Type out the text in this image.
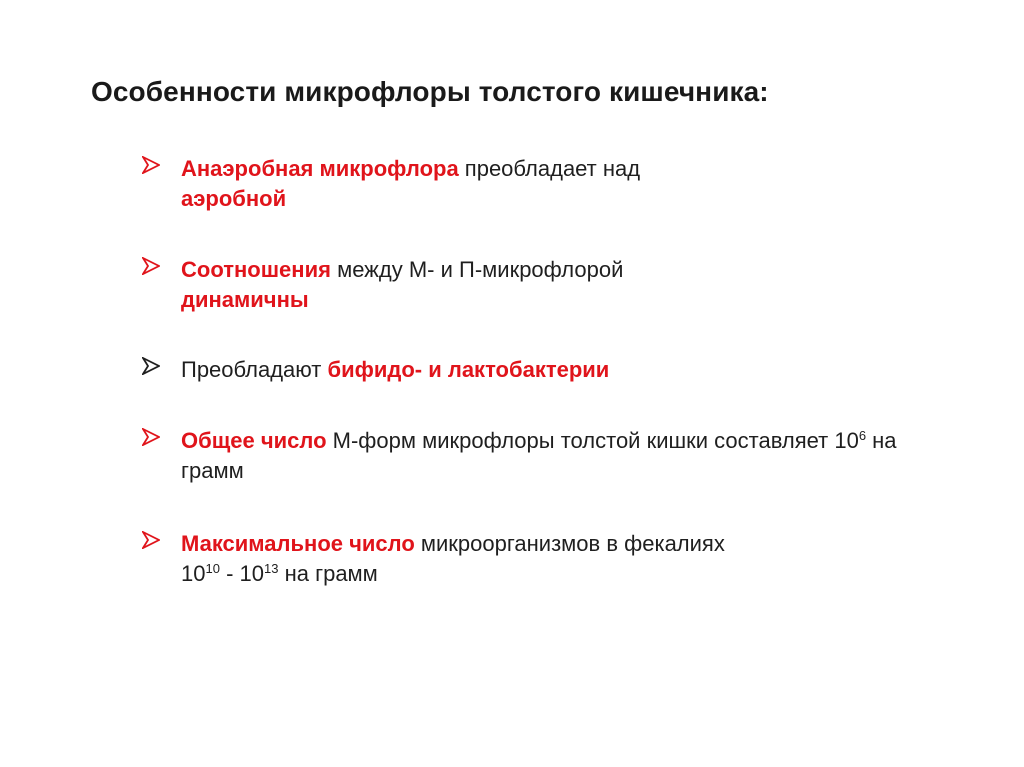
Особенности микрофлоры толстого кишечника:
Анаэробная микрофлора преобладает над
аэробной
Соотношения между М- и П-микрофлорой
динамичны
Преобладают бифидо- и лактобактерии
Общее число М-форм микрофлоры толстой кишки составляет $10^6$ на грамм
Максимальное число микроорганизмов в фекалиях
$10^{10} - 10^{13}$ на грамм
